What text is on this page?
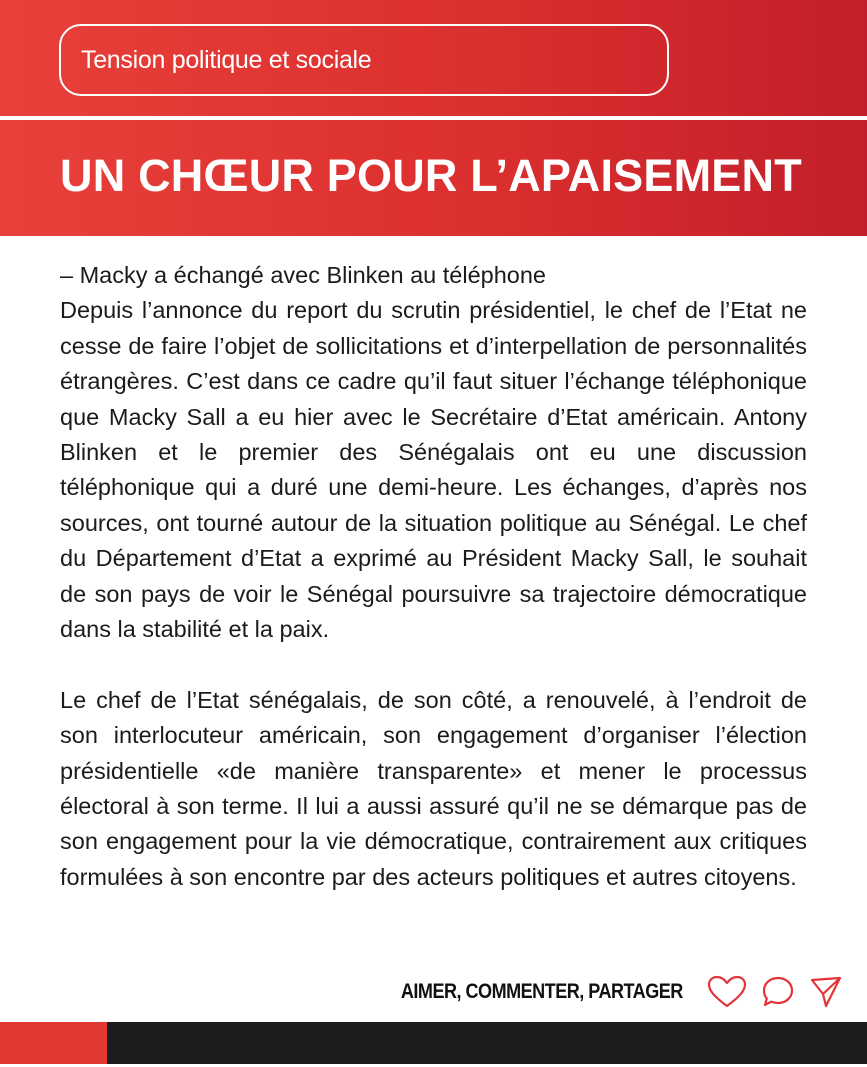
Tension politique et sociale
UN CHŒUR POUR L’APAISEMENT

– Macky a échangé avec Blinken au téléphone

Depuis l’annonce du report du scrutin présidentiel, le chef de l’Etat ne cesse de faire l’objet de sollicitations et d’interpellation de personnalités étrangères. C’est dans ce cadre qu’il faut situer l’échange téléphonique que Macky Sall a eu hier avec le Secrétaire d’Etat américain. Antony Blinken et le premier des Sénégalais ont eu une discussion téléphonique qui a duré une demi-heure. Les échanges, d’après nos sources, ont tourné autour de la situation politique au Sénégal. Le chef du Département d’Etat a exprimé au Président Macky Sall, le souhait de son pays de voir le Sénégal poursuivre sa trajectoire démocratique dans la stabilité et la paix.

Le chef de l’Etat sénégalais, de son côté, a renouvelé, à l’endroit de son interlocuteur américain, son engagement d’organiser l’élection présidentielle «de manière transparente» et mener le processus électoral à son terme. Il lui a aussi assuré qu’il ne se démarque pas de son engagement pour la vie démocratique, contrairement aux critiques formulées à son encontre par des acteurs politiques et autres citoyens.

AIMER, COMMENTER, PARTAGER
